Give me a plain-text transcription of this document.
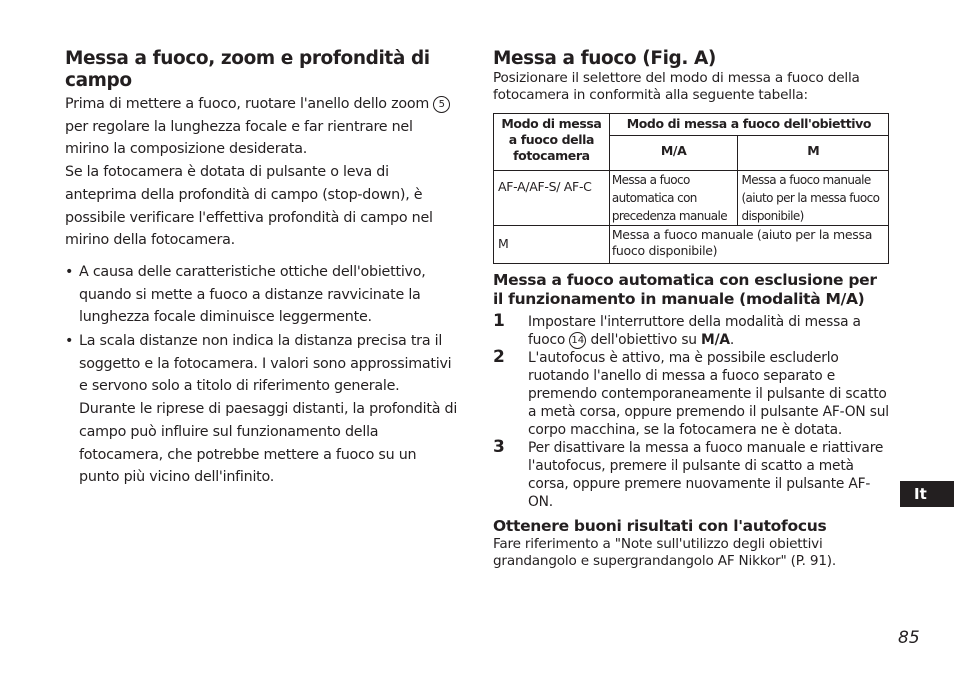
Messa a fuoco, zoom e profondità di campo

Prima di mettere a fuoco, ruotare l'anello dello zoom 5 per regolare la lunghezza focale e far rientrare nel mirino la composizione desiderata.

Se la fotocamera è dotata di pulsante o leva di anteprima della profondità di campo (stop-down), è possibile verificare l'effettiva profondità di campo nel mirino della fotocamera.

• A causa delle caratteristiche ottiche dell'obiettivo, quando si mette a fuoco a distanze ravvicinate la lunghezza focale diminuisce leggermente.
• La scala distanze non indica la distanza precisa tra il soggetto e la fotocamera. I valori sono approssimativi e servono solo a titolo di riferimento generale. Durante le riprese di paesaggi distanti, la profondità di campo può influire sul funzionamento della fotocamera, che potrebbe mettere a fuoco su un punto più vicino dell'infinito.
Messa a fuoco (Fig. A)

Posizionare il selettore del modo di messa a fuoco della fotocamera in conformità alla seguente tabella:

Modo di messa a fuoco della fotocamera	Modo di messa a fuoco dell'obiettivo	
	M/A	M
AF-A/AF-S/ AF-C	Messa a fuoco automatica con precedenza manuale	Messa a fuoco manuale (aiuto per la messa fuoco disponibile)
M	Messa a fuoco manuale (aiuto per la messa fuoco disponibile)	
Messa a fuoco automatica con esclusione per il funzionamento in manuale (modalità M/A)
1 Impostare l'interruttore della modalità di messa a fuoco 14 dell'obiettivo su M/A.
2 L'autofocus è attivo, ma è possibile escluderlo ruotando l'anello di messa a fuoco separato e premendo contemporaneamente il pulsante di scatto a metà corsa, oppure premendo il pulsante AF-ON sul corpo macchina, se la fotocamera ne è dotata.
3 Per disattivare la messa a fuoco manuale e riattivare l'autofocus, premere il pulsante di scatto a metà corsa, oppure premere nuovamente il pulsante AF-ON.
Ottenere buoni risultati con l'autofocus

Fare riferimento a "Note sull'utilizzo degli obiettivi grandangolo e supergrandangolo AF Nikkor" (P. 91).

It
85
